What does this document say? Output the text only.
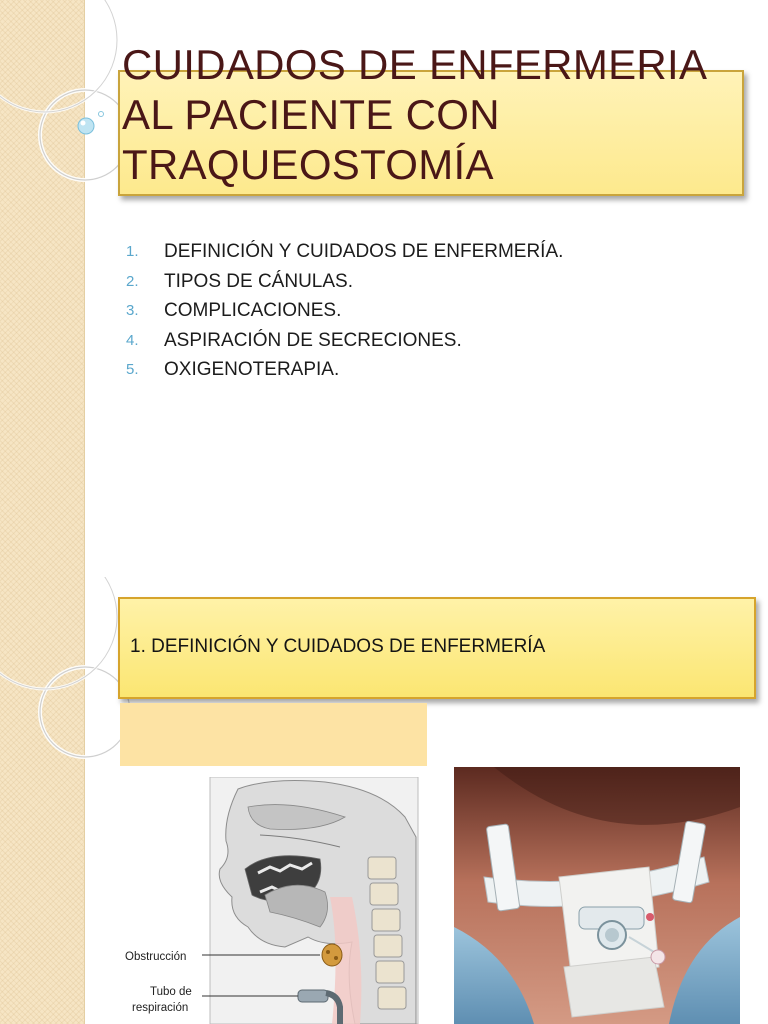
CUIDADOS DE ENFERMERIA
AL PACIENTE CON
TRAQUEOSTOMÍA
1. DEFINICIÓN Y CUIDADOS DE ENFERMERÍA.
2. TIPOS DE CÁNULAS.
3. COMPLICACIONES.
4. ASPIRACIÓN DE SECRECIONES.
5. OXIGENOTERAPIA.
1. DEFINICIÓN Y CUIDADOS DE ENFERMERÍA
Obstrucción
Tubo de
respiración
